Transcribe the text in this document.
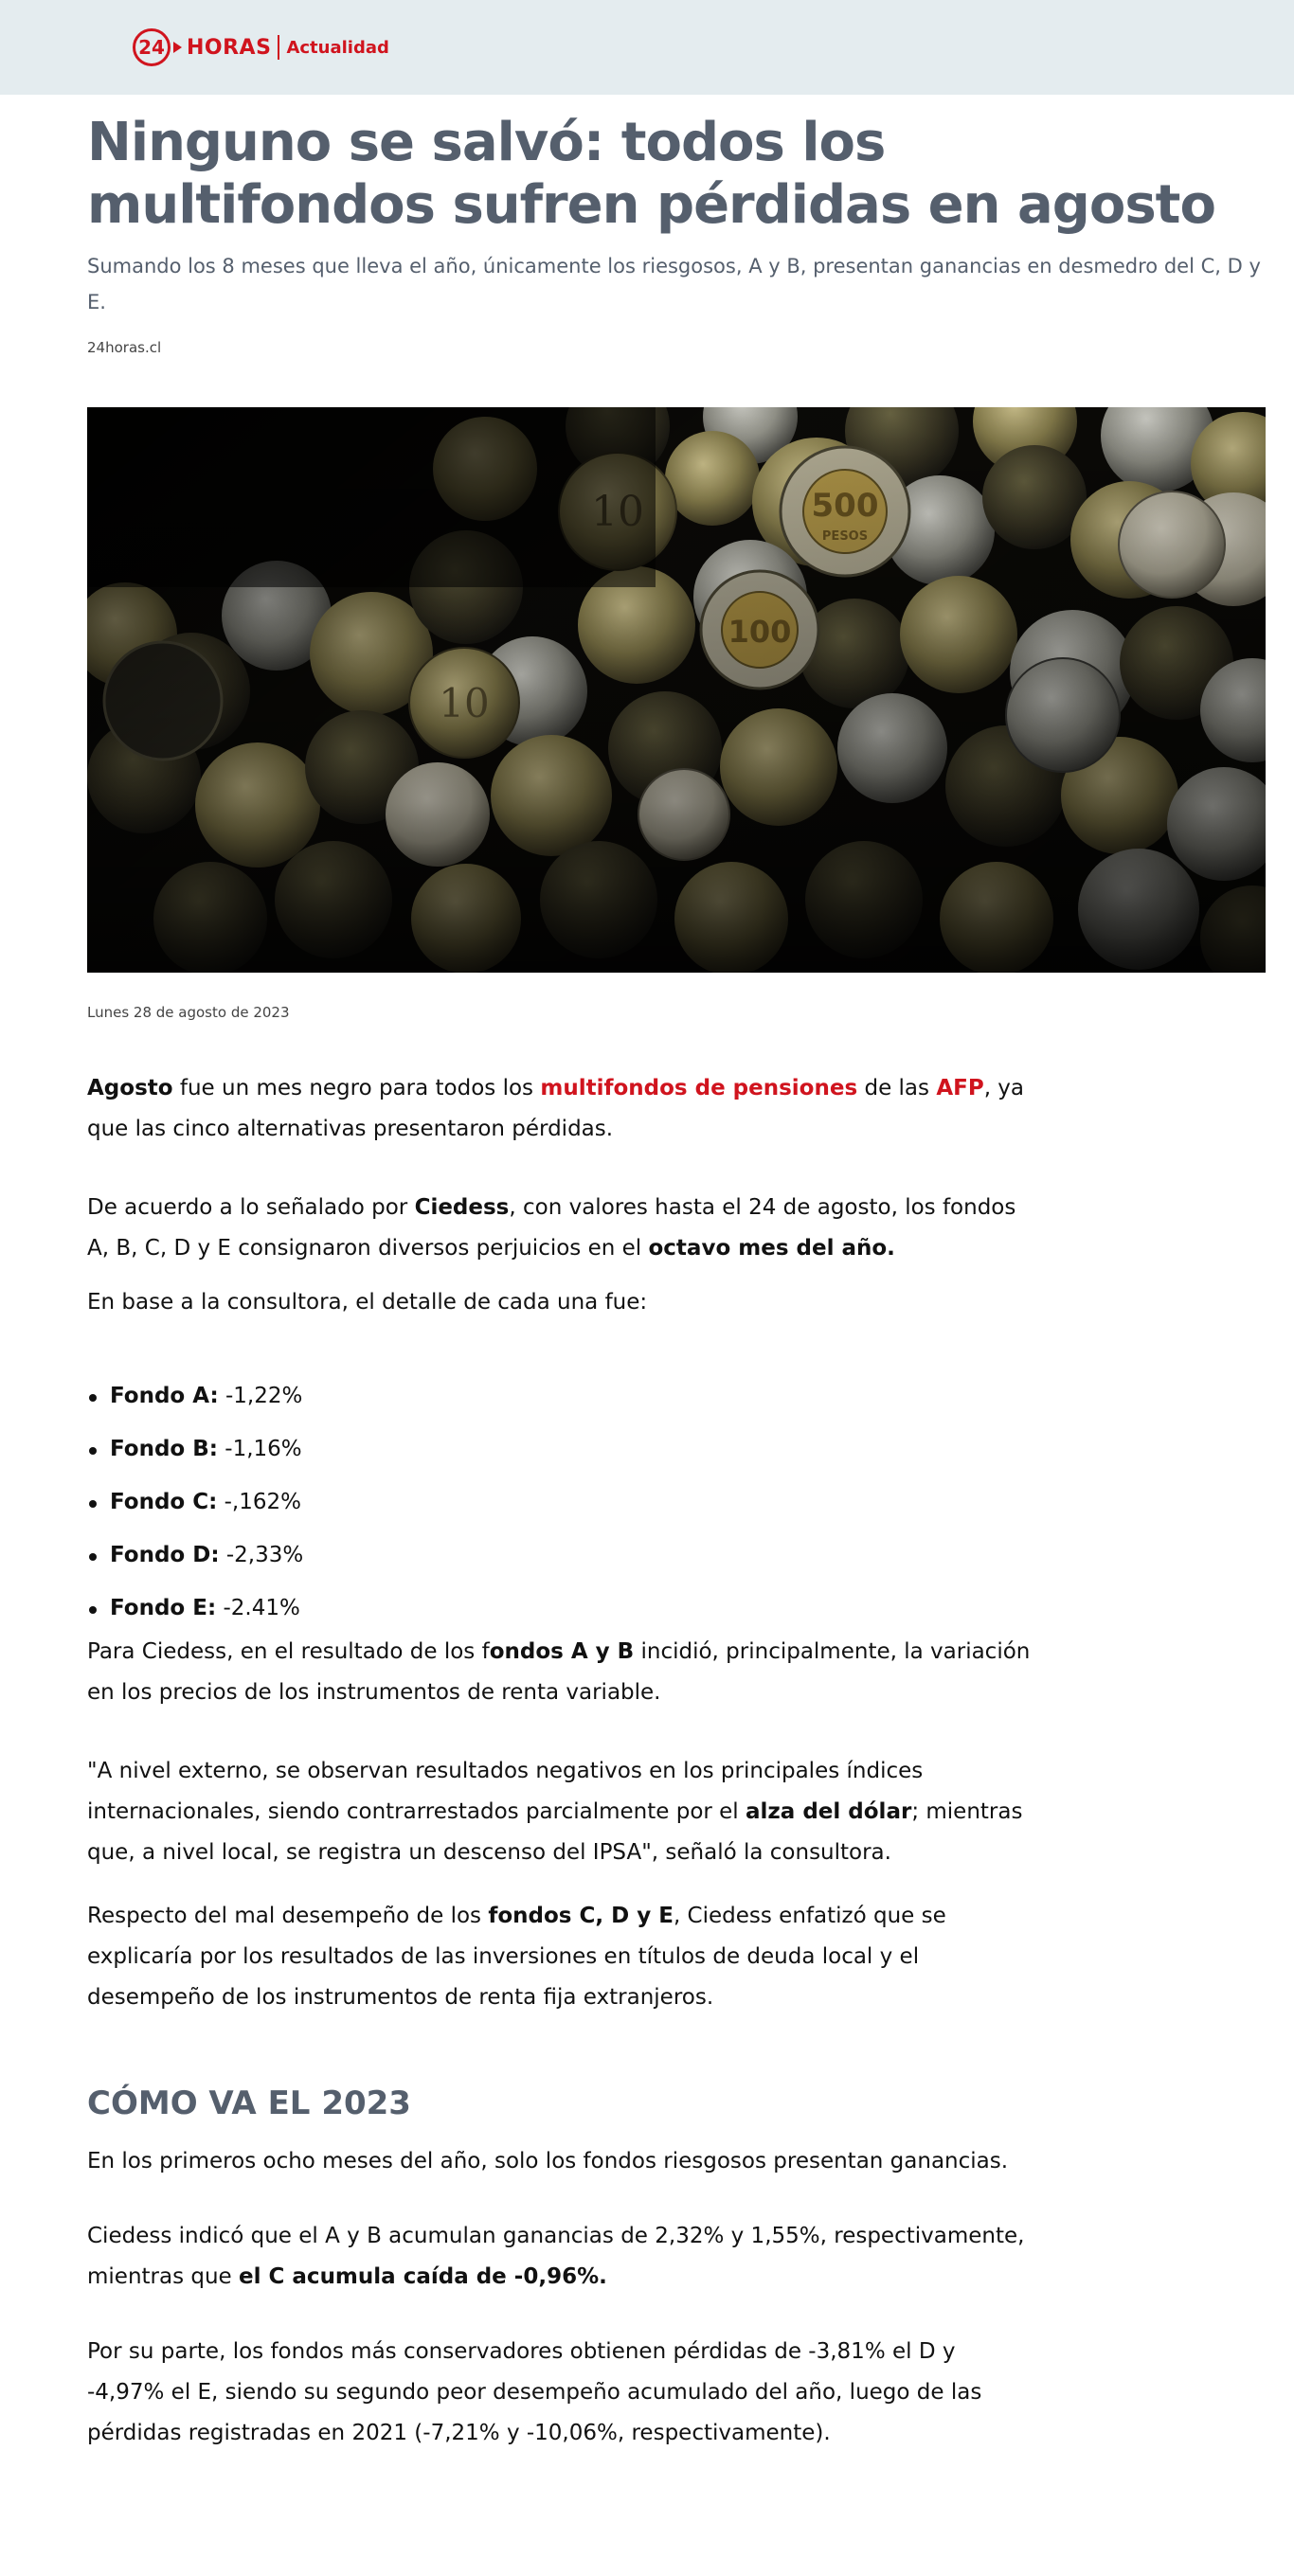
24 HORAS Actualidad
Ninguno se salvó: todos los multifondos sufren pérdidas en agosto
Sumando los 8 meses que lleva el año, únicamente los riesgosos, A y B, presentan ganancias en desmedro del C, D y E.
24horas.cl
Lunes 28 de agosto de 2023

Agosto fue un mes negro para todos los multifondos de pensiones de las AFP, ya que las cinco alternativas presentaron pérdidas.

De acuerdo a lo señalado por Ciedess, con valores hasta el 24 de agosto, los fondos A, B, C, D y E consignaron diversos perjuicios en el octavo mes del año.

En base a la consultora, el detalle de cada una fue:

Fondo A: -1,22%
Fondo B: -1,16%
Fondo C: -,162%
Fondo D: -2,33%
Fondo E: -2.41%

Para Ciedess, en el resultado de los fondos A y B incidió, principalmente, la variación en los precios de los instrumentos de renta variable.

"A nivel externo, se observan resultados negativos en los principales índices internacionales, siendo contrarrestados parcialmente por el alza del dólar; mientras que, a nivel local, se registra un descenso del IPSA", señaló la consultora.

Respecto del mal desempeño de los fondos C, D y E, Ciedess enfatizó que se explicaría por los resultados de las inversiones en títulos de deuda local y el desempeño de los instrumentos de renta fija extranjeros.

CÓMO VA EL 2023

En los primeros ocho meses del año, solo los fondos riesgosos presentan ganancias.

Ciedess indicó que el A y B acumulan ganancias de 2,32% y 1,55%, respectivamente, mientras que el C acumula caída de -0,96%.

Por su parte, los fondos más conservadores obtienen pérdidas de -3,81% el D y -4,97% el E, siendo su segundo peor desempeño acumulado del año, luego de las pérdidas registradas en 2021 (-7,21% y -10,06%, respectivamente).
